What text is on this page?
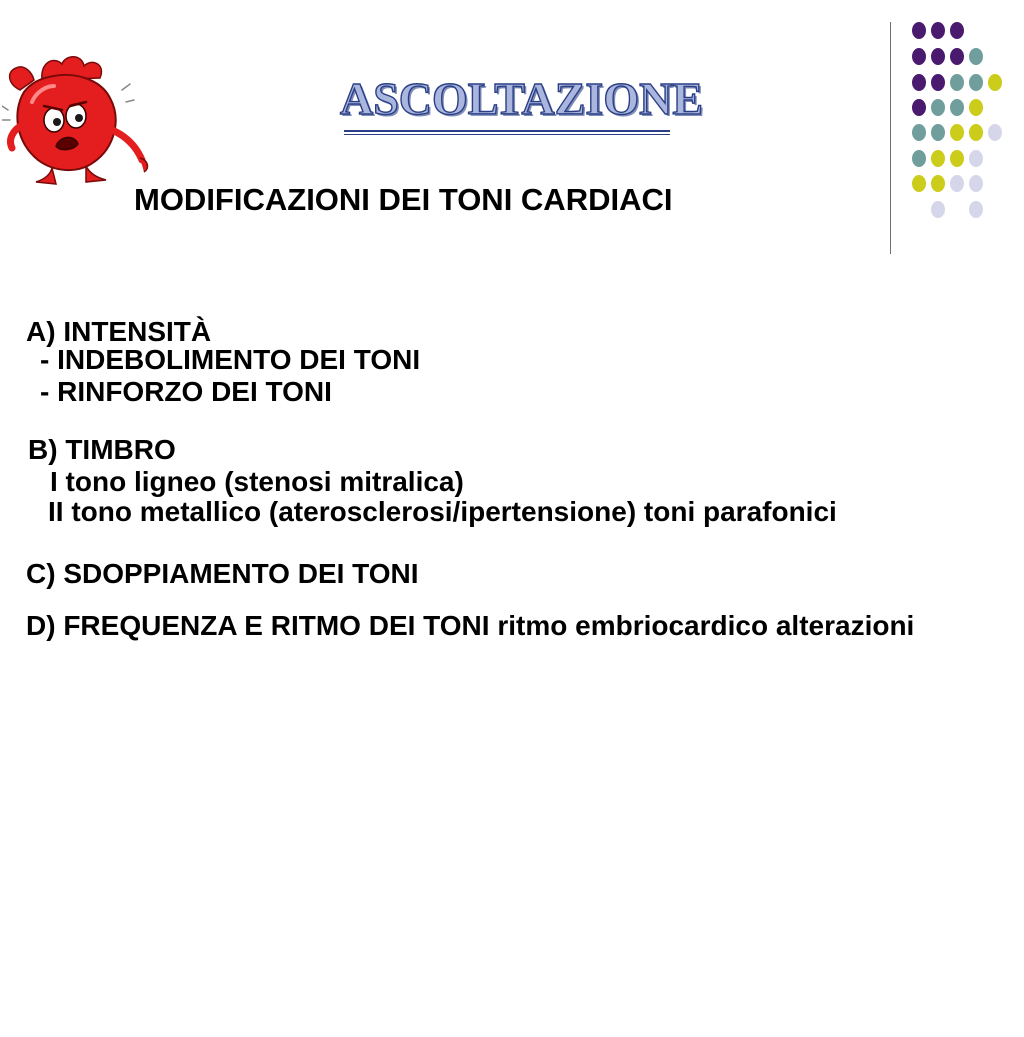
ASCOLTAZIONE
MODIFICAZIONI DEI TONI CARDIACI
A) INTENSITÀ
- INDEBOLIMENTO DEI TONI
- RINFORZO DEI TONI
B) TIMBRO
I tono ligneo (stenosi mitralica)
II tono metallico (aterosclerosi/ipertensione) toni parafonici
C) SDOPPIAMENTO DEI TONI
D) FREQUENZA E RITMO DEI TONI ritmo embriocardico alterazioni
